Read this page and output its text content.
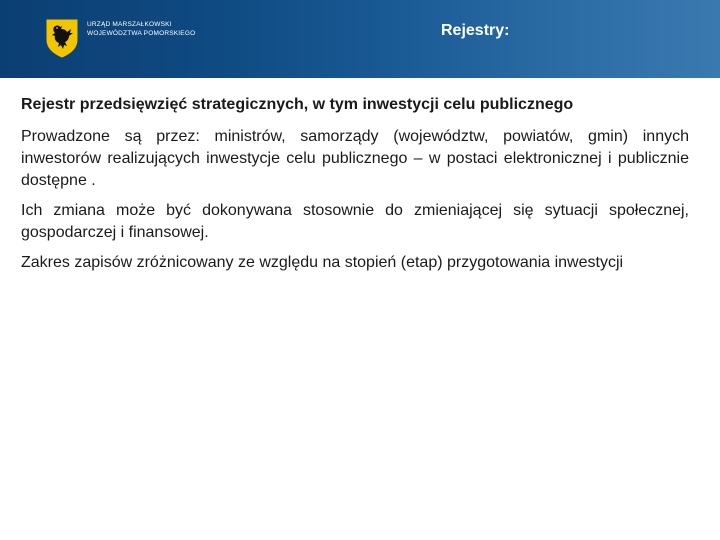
URZĄD MARSZAŁKOWSKI
WOJEWÓDZTWA POMORSKIEGO	Rejestry:
Rejestr przedsięwzięć strategicznych, w tym inwestycji celu publicznego

Prowadzone są przez: ministrów, samorządy (województw, powiatów, gmin) innych inwestorów realizujących inwestycje celu publicznego – w postaci elektronicznej i publicznie dostępne .

Ich zmiana może być dokonywana stosownie do zmieniającej się sytuacji społecznej, gospodarczej i finansowej.

Zakres zapisów zróżnicowany ze względu na stopień (etap) przygotowania inwestycji
